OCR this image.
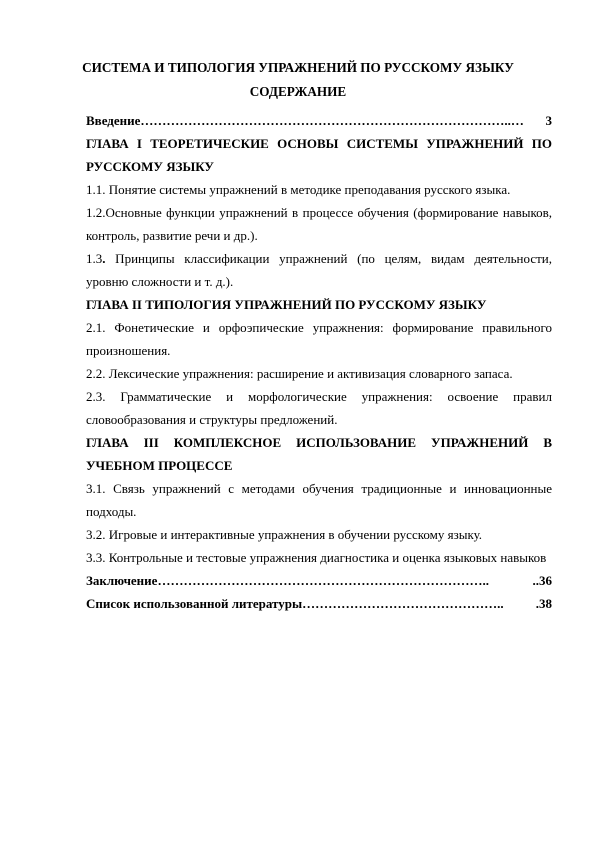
СИСТЕМА И ТИПОЛОГИЯ УПРАЖНЕНИЙ ПО РУССКОМУ ЯЗЫКУ
СОДЕРЖАНИЕ
Введение …………………………………………………………………………..…	3
ГЛАВА I ТЕОРЕТИЧЕСКИЕ ОСНОВЫ СИСТЕМЫ УПРАЖНЕНИЙ ПО РУССКОМУ ЯЗЫКУ
1.1. Понятие системы упражнений в методике преподавания русского языка.
1.2.Основные функции упражнений в процессе обучения (формирование навыков, контроль, развитие речи и др.).
1.3. Принципы классификации упражнений (по целям, видам деятельности, уровню сложности и т. д.).
ГЛАВА II ТИПОЛОГИЯ УПРАЖНЕНИЙ ПО РУССКОМУ ЯЗЫКУ
2.1. Фонетические и орфоэпические упражнения: формирование правильного произношения.
2.2. Лексические упражнения: расширение и активизация словарного запаса.
2.3. Грамматические и морфологические упражнения: освоение правил словообразования и структуры предложений.
ГЛАВА III КОМПЛЕКСНОЕ ИСПОЛЬЗОВАНИЕ УПРАЖНЕНИЙ В УЧЕБНОМ ПРОЦЕССЕ
3.1. Связь упражнений с методами обучения традиционные и инновационные подходы.
3.2. Игровые и интерактивные упражнения в обучении русскому языку.
3.3. Контрольные и тестовые упражнения диагностика и оценка языковых навыков
Заключение …………………………………………………………………..	..36
Список использованной литературы ………………………………………..	.38
